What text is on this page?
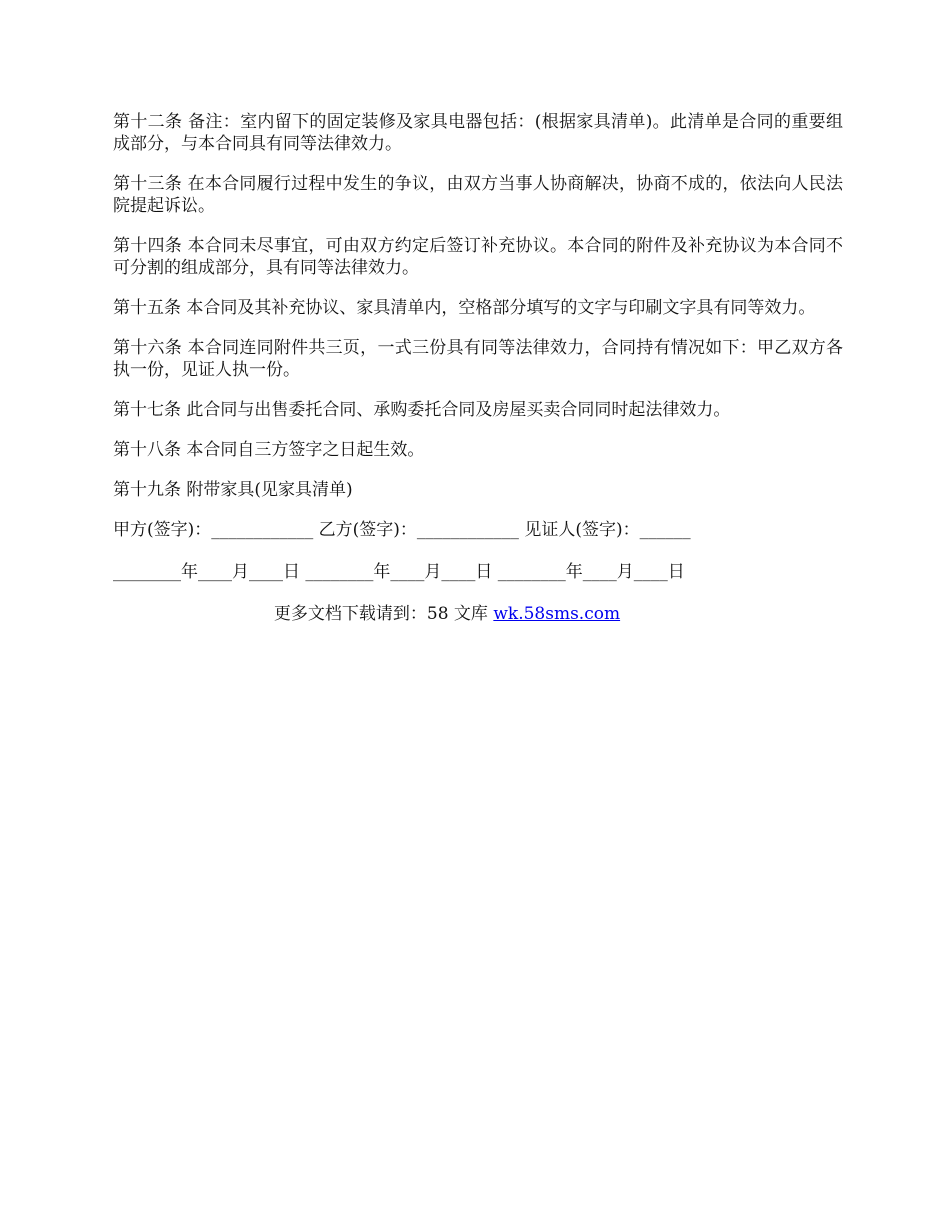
第十二条 备注：室内留下的固定装修及家具电器包括：(根据家具清单)。此清单是合同的重要组成部分，与本合同具有同等法律效力。

第十三条 在本合同履行过程中发生的争议，由双方当事人协商解决，协商不成的，依法向人民法院提起诉讼。

第十四条 本合同未尽事宜，可由双方约定后签订补充协议。本合同的附件及补充协议为本合同不可分割的组成部分，具有同等法律效力。

第十五条 本合同及其补充协议、家具清单内，空格部分填写的文字与印刷文字具有同等效力。

第十六条 本合同连同附件共三页，一式三份具有同等法律效力，合同持有情况如下：甲乙双方各执一份，见证人执一份。

第十七条 此合同与出售委托合同、承购委托合同及房屋买卖合同同时起法律效力。

第十八条 本合同自三方签字之日起生效。

第十九条 附带家具(见家具清单)

甲方(签字)：____________ 乙方(签字)：____________ 见证人(签字)：______

________年____月____日 ________年____月____日 ________年____月____日

更多文档下载请到：58 文库 wk.58sms.com
